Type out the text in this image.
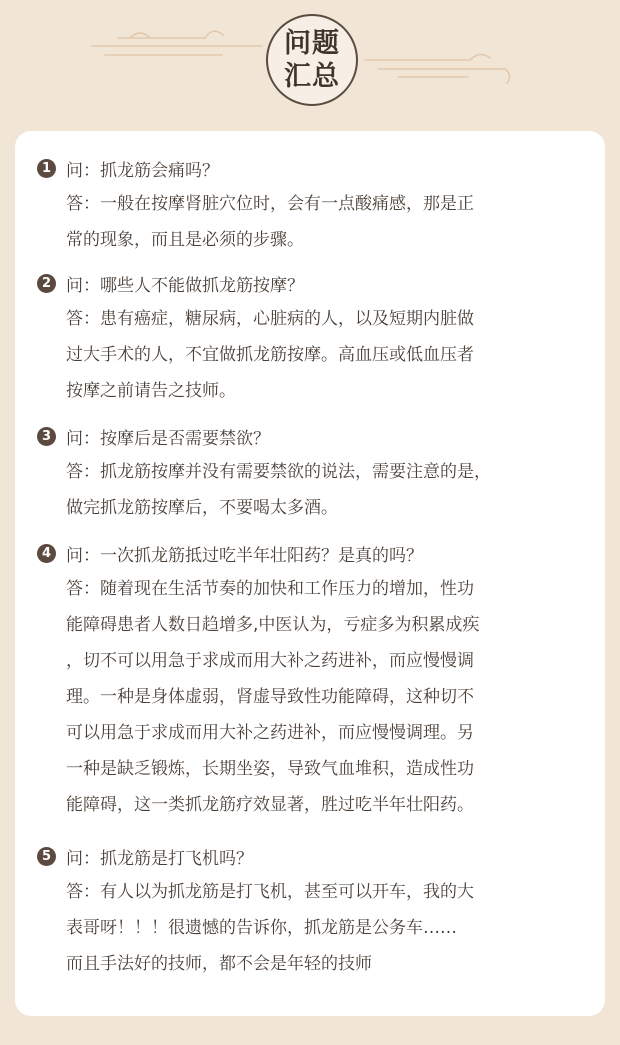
问题
汇总
1 问：抓龙筋会痛吗？
答：一般在按摩肾脏穴位时，会有一点酸痛感，那是正
常的现象，而且是必须的步骤。
2 问：哪些人不能做抓龙筋按摩？
答：患有癌症，糖尿病，心脏病的人，以及短期内脏做
过大手术的人，不宜做抓龙筋按摩。高血压或低血压者
按摩之前请告之技师。
3 问：按摩后是否需要禁欲？
答：抓龙筋按摩并没有需要禁欲的说法，需要注意的是，
做完抓龙筋按摩后，不要喝太多酒。
4 问：一次抓龙筋抵过吃半年壮阳药？是真的吗？
答：随着现在生活节奏的加快和工作压力的增加，性功
能障碍患者人数日趋增多,中医认为，亏症多为积累成疾
，切不可以用急于求成而用大补之药进补，而应慢慢调
理。一种是身体虚弱，肾虚导致性功能障碍，这种切不
可以用急于求成而用大补之药进补，而应慢慢调理。另
一种是缺乏锻炼，长期坐姿，导致气血堆积，造成性功
能障碍，这一类抓龙筋疗效显著，胜过吃半年壮阳药。
5 问：抓龙筋是打飞机吗？
答：有人以为抓龙筋是打飞机，甚至可以开车，我的大
表哥呀！！！很遗憾的告诉你，抓龙筋是公务车……
而且手法好的技师，都不会是年轻的技师
